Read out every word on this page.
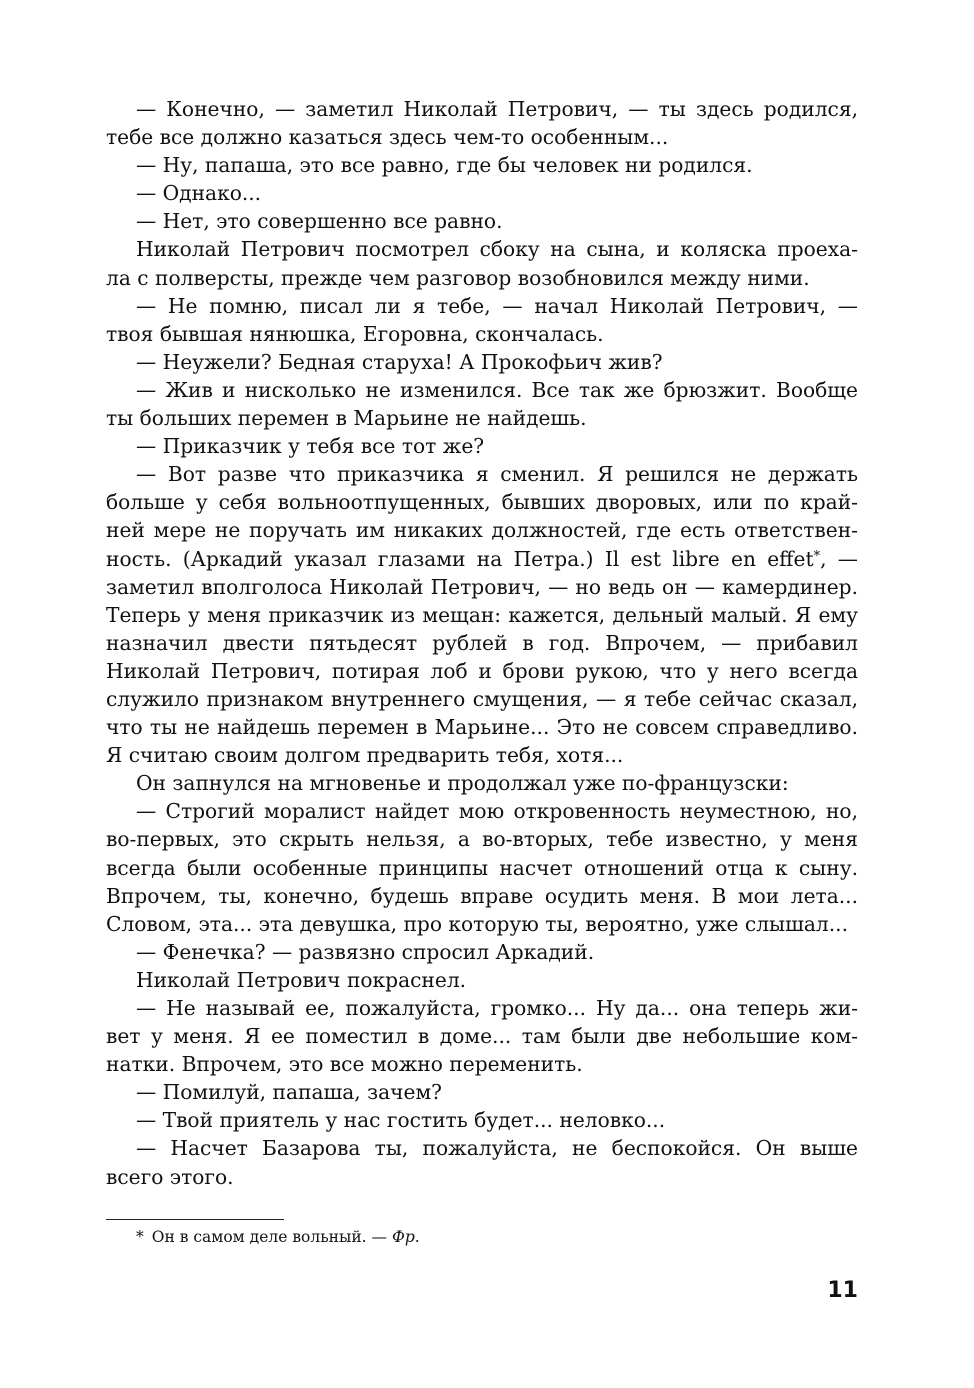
— Конечно, — заметил Николай Петрович, — ты здесь родился,
тебе все должно казаться здесь чем-то особенным...
— Ну, папаша, это все равно, где бы человек ни родился.
— Однако...
— Нет, это совершенно все равно.
Николай Петрович посмотрел сбоку на сына, и коляска проеха-
ла с полверсты, прежде чем разговор возобновился между ними.
— Не помню, писал ли я тебе, — начал Николай Петрович, —
твоя бывшая нянюшка, Егоровна, скончалась.
— Неужели? Бедная старуха! А Прокофьич жив?
— Жив и нисколько не изменился. Все так же брюзжит. Вообще
ты больших перемен в Марьине не найдешь.
— Приказчик у тебя все тот же?
— Вот разве что приказчика я сменил. Я решился не держать
больше у себя вольноотпущенных, бывших дворовых, или по край-
ней мере не поручать им никаких должностей, где есть ответствен-
ность. (Аркадий указал глазами на Петра.) Il est libre en effet*, —
заметил вполголоса Николай Петрович, — но ведь он — камердинер.
Теперь у меня приказчик из мещан: кажется, дельный малый. Я ему
назначил двести пятьдесят рублей в год. Впрочем, — прибавил
Николай Петрович, потирая лоб и брови рукою, что у него всегда
служило признаком внутреннего смущения, — я тебе сейчас сказал,
что ты не найдешь перемен в Марьине... Это не совсем справедливо.
Я считаю своим долгом предварить тебя, хотя...
Он запнулся на мгновенье и продолжал уже по-французски:
— Строгий моралист найдет мою откровенность неуместною, но,
во-первых, это скрыть нельзя, а во-вторых, тебе известно, у меня
всегда были особенные принципы насчет отношений отца к сыну.
Впрочем, ты, конечно, будешь вправе осудить меня. В мои лета...
Словом, эта... эта девушка, про которую ты, вероятно, уже слышал...
— Фенечка? — развязно спросил Аркадий.
Николай Петрович покраснел.
— Не называй ее, пожалуйста, громко... Ну да... она теперь жи-
вет у меня. Я ее поместил в доме... там были две небольшие ком-
натки. Впрочем, это все можно переменить.
— Помилуй, папаша, зачем?
— Твой приятель у нас гостить будет... неловко...
— Насчет Базарова ты, пожалуйста, не беспокойся. Он выше
всего этого.
* Он в самом деле вольный. — Фр.
11
